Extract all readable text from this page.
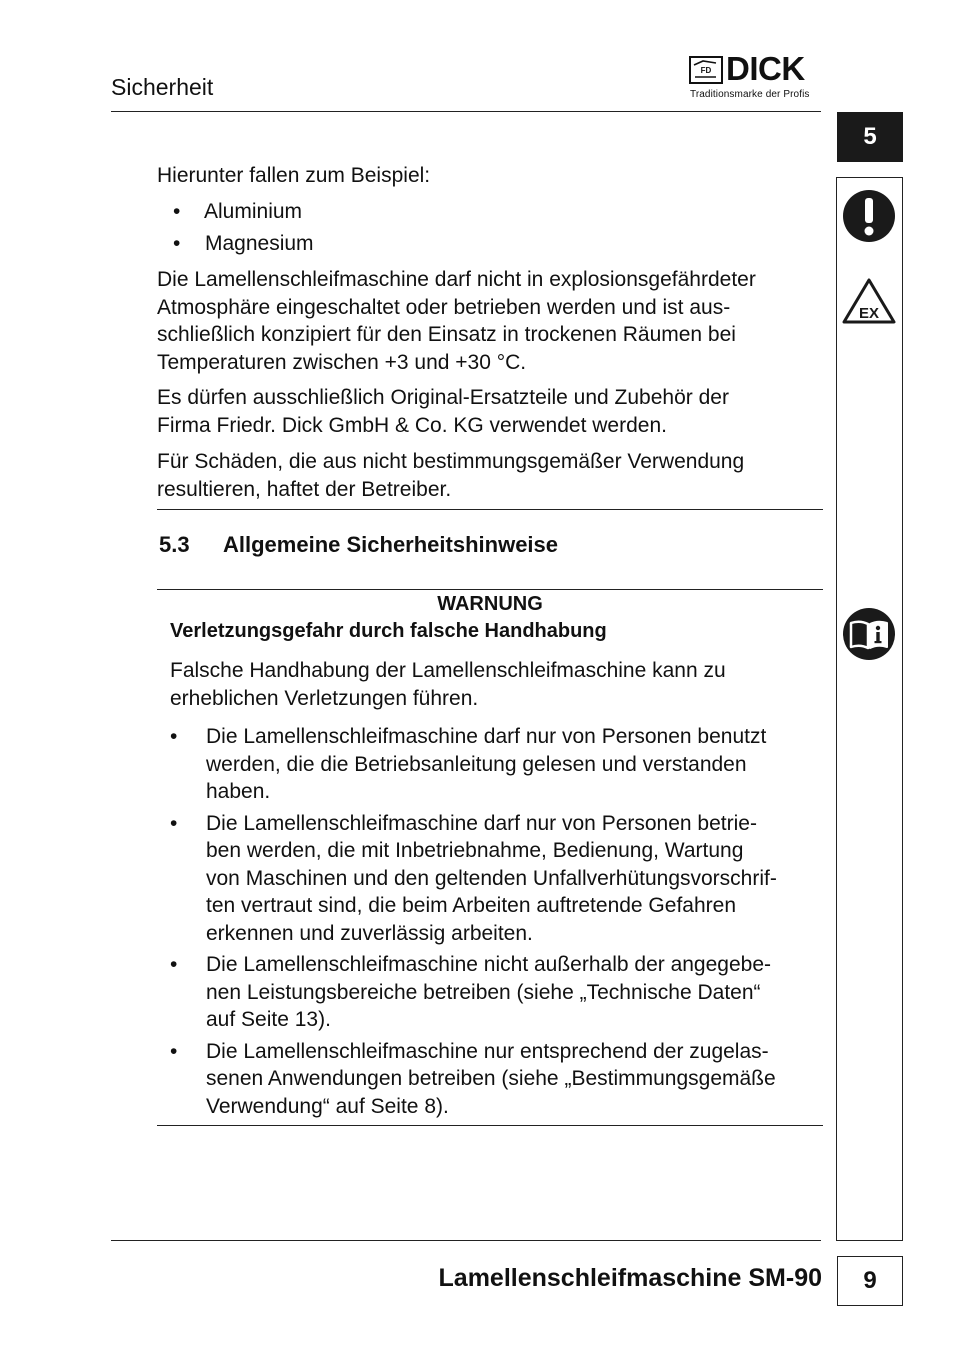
Sicherheit
FD DICK
Traditionsmarke der Profis
5
EX
Hierunter fallen zum Beispiel:
• Aluminium
• Magnesium
Die Lamellenschleifmaschine darf nicht in explosionsgefährdeter
Atmosphäre eingeschaltet oder betrieben werden und ist aus-
schließlich konzipiert für den Einsatz in trockenen Räumen bei
Temperaturen zwischen +3 und +30 °C.
Es dürfen ausschließlich Original-Ersatzteile und Zubehör der
Firma Friedr. Dick GmbH & Co. KG verwendet werden.
Für Schäden, die aus nicht bestimmungsgemäßer Verwendung
resultieren, haftet der Betreiber.
5.3 Allgemeine Sicherheitshinweise
WARNUNG
Verletzungsgefahr durch falsche Handhabung
Falsche Handhabung der Lamellenschleifmaschine kann zu
erheblichen Verletzungen führen.
• Die Lamellenschleifmaschine darf nur von Personen benutzt
werden, die die Betriebsanleitung gelesen und verstanden
haben.
• Die Lamellenschleifmaschine darf nur von Personen betrie-
ben werden, die mit Inbetriebnahme, Bedienung, Wartung
von Maschinen und den geltenden Unfallverhütungsvorschrif-
ten vertraut sind, die beim Arbeiten auftretende Gefahren
erkennen und zuverlässig arbeiten.
• Die Lamellenschleifmaschine nicht außerhalb der angegebe-
nen Leistungsbereiche betreiben (siehe „Technische Daten“
auf Seite 13).
• Die Lamellenschleifmaschine nur entsprechend der zugelas-
senen Anwendungen betreiben (siehe „Bestimmungsgemäße
Verwendung“ auf Seite 8).
Lamellenschleifmaschine SM-90	9
